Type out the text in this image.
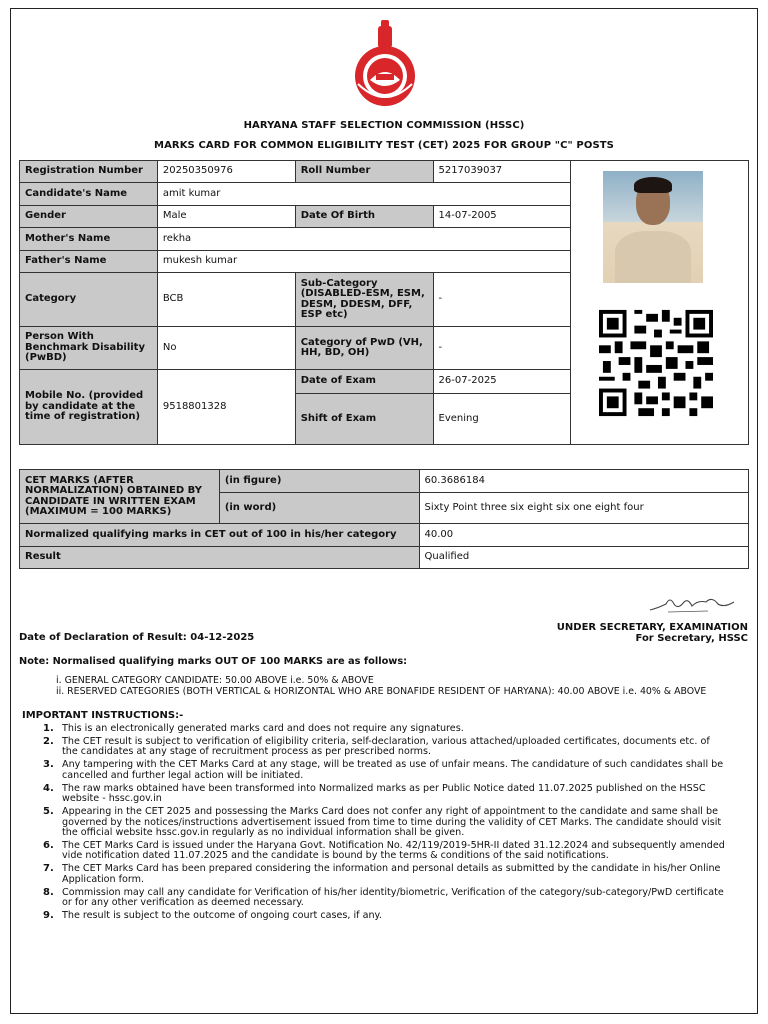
HARYANA STAFF SELECTION COMMISSION (HSSC)
MARKS CARD FOR COMMON ELIGIBILITY TEST (CET) 2025 FOR GROUP "C" POSTS
Registration Number	20250350976	Roll Number	5217039037	
Candidate's Name	amit kumar			
Gender	Male	Date Of Birth	14-07-2005	
Mother's Name	rekha			
Father's Name	mukesh kumar			
Category	BCB	Sub-Category (DISABLED-ESM, ESM, DESM, DDESM, DFF, ESP etc)	-	
Person With Benchmark Disability (PwBD)	No	Category of PwD (VH, HH, BD, OH)	-	
Mobile No. (provided by candidate at the time of registration)	9518801328	Date of Exam	26-07-2025	
		Shift of Exam	Evening	
CET MARKS (AFTER NORMALIZATION) OBTAINED BY CANDIDATE IN WRITTEN EXAM (MAXIMUM = 100 MARKS)	(in figure)	60.3686184
	(in word)	Sixty Point three six eight six one eight four
Normalized qualifying marks in CET out of 100 in his/her category		40.00
Result		Qualified
UNDER SECRETARY, EXAMINATION
For Secretary, HSSC
Date of Declaration of Result: 04-12-2025
Note: Normalised qualifying marks OUT OF 100 MARKS are as follows:
i. GENERAL CATEGORY CANDIDATE: 50.00 ABOVE i.e. 50% & ABOVE
ii. RESERVED CATEGORIES (BOTH VERTICAL & HORIZONTAL WHO ARE BONAFIDE RESIDENT OF HARYANA): 40.00 ABOVE i.e. 40% & ABOVE
IMPORTANT INSTRUCTIONS:-
1. This is an electronically generated marks card and does not require any signatures.
2. The CET result is subject to verification of eligibility criteria, self-declaration, various attached/uploaded certificates, documents etc. of the candidates at any stage of recruitment process as per prescribed norms.
3. Any tampering with the CET Marks Card at any stage, will be treated as use of unfair means. The candidature of such candidates shall be cancelled and further legal action will be initiated.
4. The raw marks obtained have been transformed into Normalized marks as per Public Notice dated 11.07.2025 published on the HSSC website - hssc.gov.in
5. Appearing in the CET 2025 and possessing the Marks Card does not confer any right of appointment to the candidate and same shall be governed by the notices/instructions advertisement issued from time to time during the validity of CET Marks. The candidate should visit the official website hssc.gov.in regularly as no individual information shall be given.
6. The CET Marks Card is issued under the Haryana Govt. Notification No. 42/119/2019-5HR-II dated 31.12.2024 and subsequently amended vide notification dated 11.07.2025 and the candidate is bound by the terms & conditions of the said notifications.
7. The CET Marks Card has been prepared considering the information and personal details as submitted by the candidate in his/her Online Application form.
8. Commission may call any candidate for Verification of his/her identity/biometric, Verification of the category/sub-category/PwD certificate or for any other verification as deemed necessary.
9. The result is subject to the outcome of ongoing court cases, if any.
